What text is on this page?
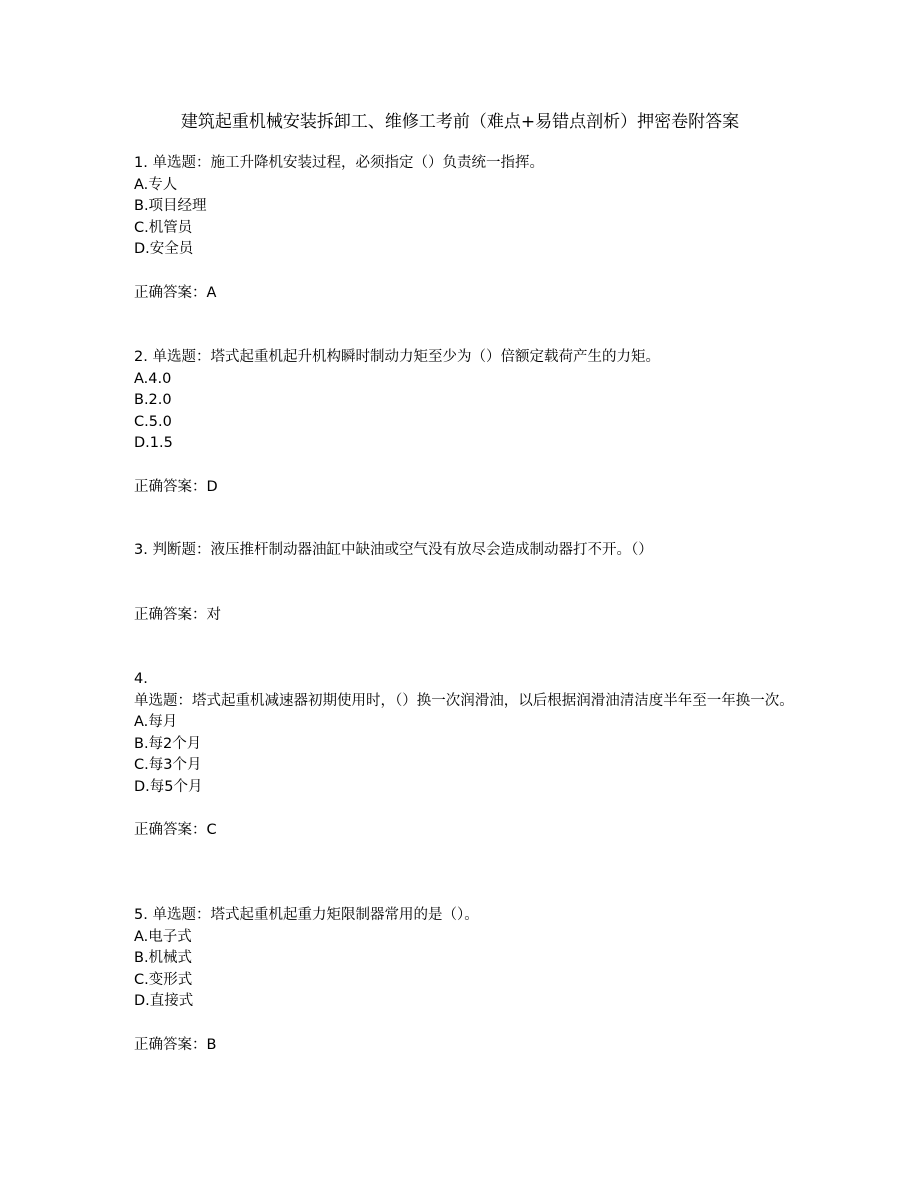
建筑起重机械安装拆卸工、维修工考前（难点+易错点剖析）押密卷附答案
1. 单选题：施工升降机安装过程，必须指定（）负责统一指挥。
A.专人
B.项目经理
C.机管员
D.安全员
正确答案：A
2. 单选题：塔式起重机起升机构瞬时制动力矩至少为（）倍额定载荷产生的力矩。
A.4.0
B.2.0
C.5.0
D.1.5
正确答案：D
3. 判断题：液压推杆制动器油缸中缺油或空气没有放尽会造成制动器打不开。（）
正确答案：对
4.
单选题：塔式起重机减速器初期使用时，（）换一次润滑油，以后根据润滑油清洁度半年至一年换一次。
A.每月
B.每2个月
C.每3个月
D.每5个月
正确答案：C
5. 单选题：塔式起重机起重力矩限制器常用的是（）。
A.电子式
B.机械式
C.变形式
D.直接式
正确答案：B
